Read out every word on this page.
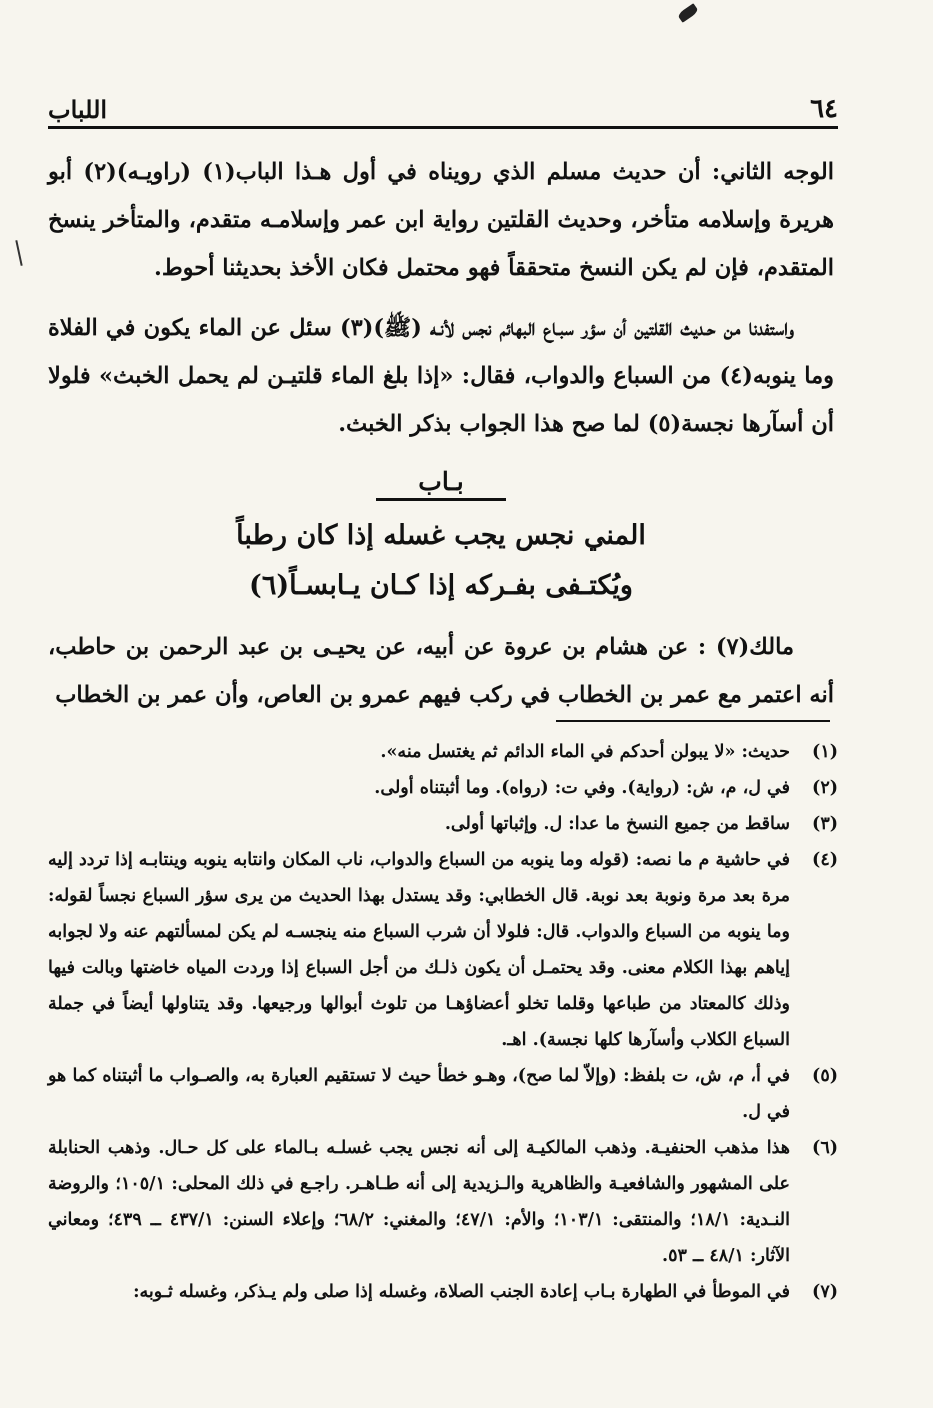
٦٤
اللباب

الوجه الثاني: أن حديث مسلم الذي رويناه في أول هـذا الباب(١) (راويـه)(٢) أبو هريرة وإسلامه متأخر، وحديث القلتين رواية ابن عمر وإسلامـه متقدم، والمتأخر ينسخ المتقدم، فإن لم يكن النسخ متحققاً فهو محتمل فكان الأخذ بحديثنا أحوط.

واستفدنا من حـديث القلتين أن سؤر سبـاع البهائم نجس لأنـه (ﷺ)(٣) سئل عن الماء يكون في الفلاة وما ينوبه(٤) من السباع والدواب، فقال: «إذا بلغ الماء قلتيـن لم يحمل الخبث» فلولا أن أسآرها نجسة(٥) لما صح هذا الجواب بذكر الخبث.

بـاب
المني نجس يجب غسله إذا كان رطباً
ويُكتـفى بفـركه إذا كـان يـابسـاً(٦)

مالك(٧) : عن هشام بن عروة عن أبيه، عن يحيـى بن عبد الرحمن بن حاطب، أنه اعتمر مع عمر بن الخطاب في ركب فيهم عمرو بن العاص، وأن عمر بن الخطاب

(١)
حديث: «لا يبولن أحدكم في الماء الدائم ثم يغتسل منه».
(٢)
في ل، م، ش: (رواية). وفي ت: (رواه). وما أثبتناه أولى.
(٣)
ساقط من جميع النسخ ما عدا: ل. وإثباتها أولى.
(٤)
في حاشية م ما نصه: (قوله وما ينوبه من السباع والدواب، ناب المكان وانتابه ينوبه وينتابـه إذا تردد إليه مرة بعد مرة ونوبة بعد نوبة. قال الخطابي: وقد يستدل بهذا الحديث من يرى سؤر السباع نجساً لقوله: وما ينوبه من السباع والدواب. قال: فلولا أن شرب السباع منه ينجسـه لم يكن لمسألتهم عنه ولا لجوابه إياهم بهذا الكلام معنى. وقد يحتمـل أن يكون ذلـك من أجل السباع إذا وردت المياه خاضتها وبالت فيها وذلك كالمعتاد من طباعها وقلما تخلو أعضاؤهـا من تلوث أبوالها ورجيعها. وقد يتناولها أيضاً في جملة السباع الكلاب وأسآرها كلها نجسة). اهـ.
(٥)
في أ، م، ش، ت بلفظ: (وإلاّ لما صح)، وهـو خطأ حيث لا تستقيم العبارة به، والصـواب ما أثبتناه كما هو في ل.
(٦)
هذا مذهب الحنفيـة. وذهب المالكيـة إلى أنه نجس يجب غسلـه بـالماء على كل حـال. وذهب الحنابلة على المشهور والشافعيـة والظاهرية والـزيدية إلى أنه طـاهـر. راجـع في ذلك المحلى: ١٠٥/١؛ والروضة النـدية: ١٨/١؛ والمنتقى: ١٠٣/١؛ والأم: ٤٧/١؛ والمغني: ٦٨/٢؛ وإعلاء السنن: ٤٣٧/١ ــ ٤٣٩؛ ومعاني الآثار: ٤٨/١ ــ ٥٣.
(٧)
في الموطأ في الطهارة بـاب إعادة الجنب الصلاة، وغسله إذا صلى ولم يـذكر، وغسله ثـوبه:
